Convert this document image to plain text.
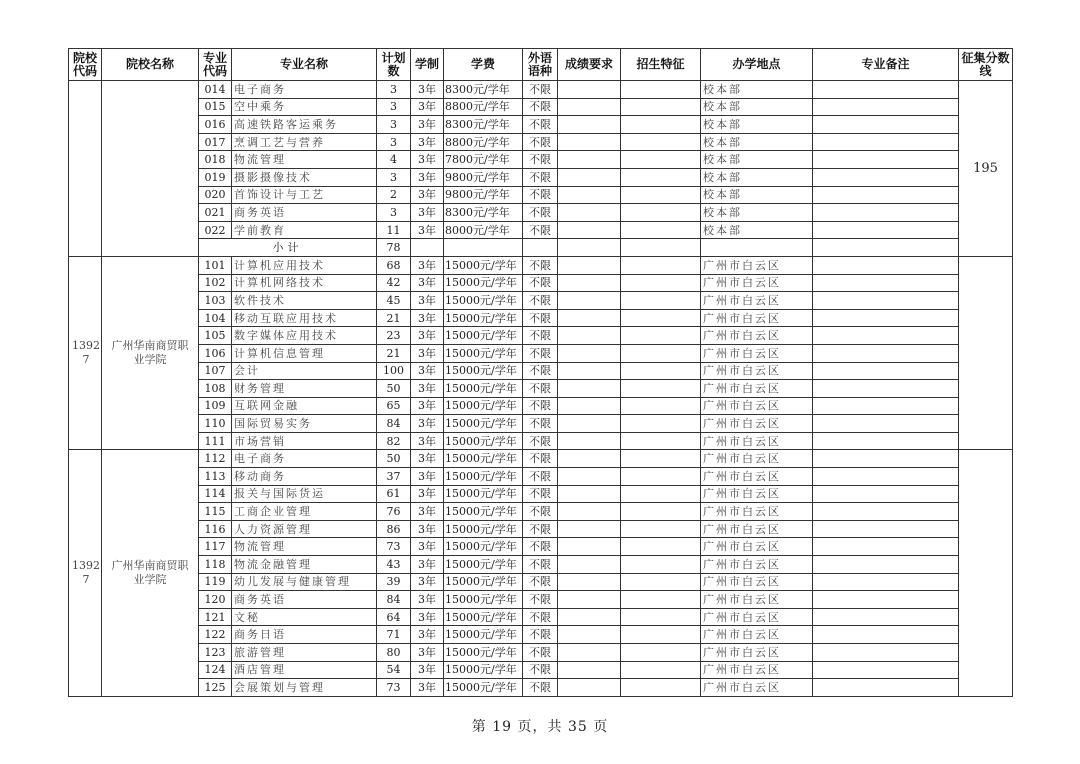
院校代码	院校名称	专业代码	专业名称	计划数	学制	学费	外语语种	成绩要求	招生特征	办学地点	专业备注	征集分数线
		014	电子商务	3	3年	8300元/学年	不限			校本部		195
		015	空中乘务	3	3年	8800元/学年	不限			校本部		
		016	高速铁路客运乘务	3	3年	8300元/学年	不限			校本部		
		017	烹调工艺与营养	3	3年	8800元/学年	不限			校本部		
		018	物流管理	4	3年	7800元/学年	不限			校本部		
		019	摄影摄像技术	3	3年	9800元/学年	不限			校本部		
		020	首饰设计与工艺	2	3年	9800元/学年	不限			校本部		
		021	商务英语	3	3年	8300元/学年	不限			校本部		
		022	学前教育	11	3年	8000元/学年	不限			校本部		
		小计		78								
13927	广州华南商贸职业学院	101	计算机应用技术	68	3年	15000元/学年	不限			广州市白云区		
		102	计算机网络技术	42	3年	15000元/学年	不限			广州市白云区		
		103	软件技术	45	3年	15000元/学年	不限			广州市白云区		
		104	移动互联应用技术	21	3年	15000元/学年	不限			广州市白云区		
		105	数字媒体应用技术	23	3年	15000元/学年	不限			广州市白云区		
		106	计算机信息管理	21	3年	15000元/学年	不限			广州市白云区		
		107	会计	100	3年	15000元/学年	不限			广州市白云区		
		108	财务管理	50	3年	15000元/学年	不限			广州市白云区		
		109	互联网金融	65	3年	15000元/学年	不限			广州市白云区		
		110	国际贸易实务	84	3年	15000元/学年	不限			广州市白云区		
		111	市场营销	82	3年	15000元/学年	不限			广州市白云区		
13927	广州华南商贸职业学院	112	电子商务	50	3年	15000元/学年	不限			广州市白云区		
		113	移动商务	37	3年	15000元/学年	不限			广州市白云区		
		114	报关与国际货运	61	3年	15000元/学年	不限			广州市白云区		
		115	工商企业管理	76	3年	15000元/学年	不限			广州市白云区		
		116	人力资源管理	86	3年	15000元/学年	不限			广州市白云区		
		117	物流管理	73	3年	15000元/学年	不限			广州市白云区		
		118	物流金融管理	43	3年	15000元/学年	不限			广州市白云区		
		119	幼儿发展与健康管理	39	3年	15000元/学年	不限			广州市白云区		
		120	商务英语	84	3年	15000元/学年	不限			广州市白云区		
		121	文秘	64	3年	15000元/学年	不限			广州市白云区		
		122	商务日语	71	3年	15000元/学年	不限			广州市白云区		
		123	旅游管理	80	3年	15000元/学年	不限			广州市白云区		
		124	酒店管理	54	3年	15000元/学年	不限			广州市白云区		
		125	会展策划与管理	73	3年	15000元/学年	不限			广州市白云区		
第 19 页，共 35 页
